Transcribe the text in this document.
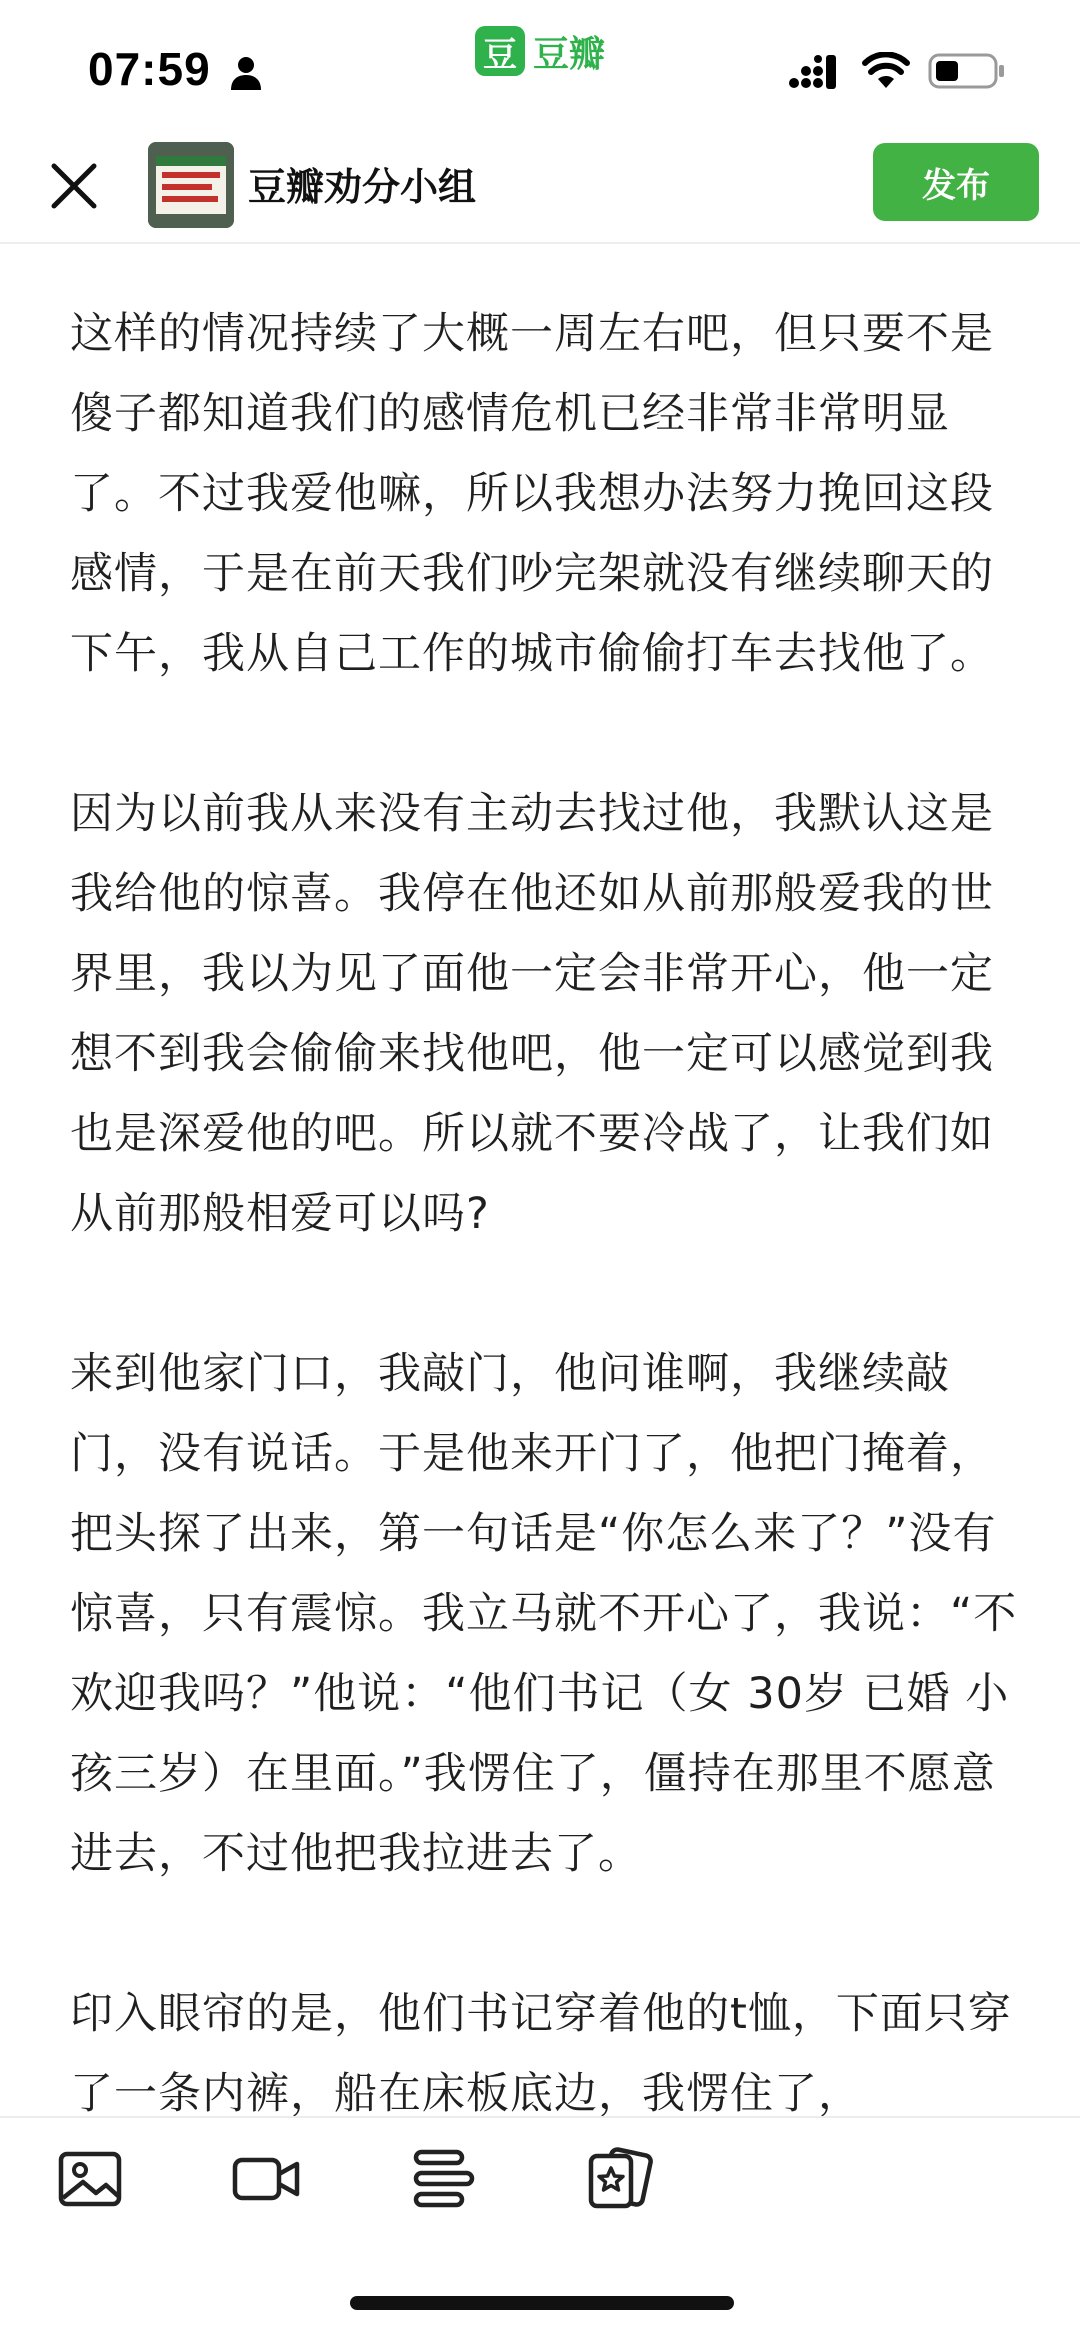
07:59	豆 豆瓣
豆瓣劝分小组	发布

这样的情况持续了大概一周左右吧，但只要不是傻子都知道我们的感情危机已经非常非常明显了。不过我爱他嘛，所以我想办法努力挽回这段感情，于是在前天我们吵完架就没有继续聊天的下午，我从自己工作的城市偷偷打车去找他了。

因为以前我从来没有主动去找过他，我默认这是我给他的惊喜。我停在他还如从前那般爱我的世界里，我以为见了面他一定会非常开心，他一定想不到我会偷偷来找他吧，他一定可以感觉到我也是深爱他的吧。所以就不要冷战了，让我们如从前那般相爱可以吗?

来到他家门口，我敲门，他问谁啊，我继续敲门，没有说话。于是他来开门了，他把门掩着，把头探了出来，第一句话是“你怎么来了？”没有惊喜，只有震惊。我立马就不开心了，我说：“不欢迎我吗？”他说：“他们书记（女 30岁 已婚 小孩三岁）在里面。”我愣住了，僵持在那里不愿意进去，不过他把我拉进去了。

印入眼帘的是，他们书记穿着他的t恤，下面只穿了一条内裤，船在床板底边，我愣住了，
